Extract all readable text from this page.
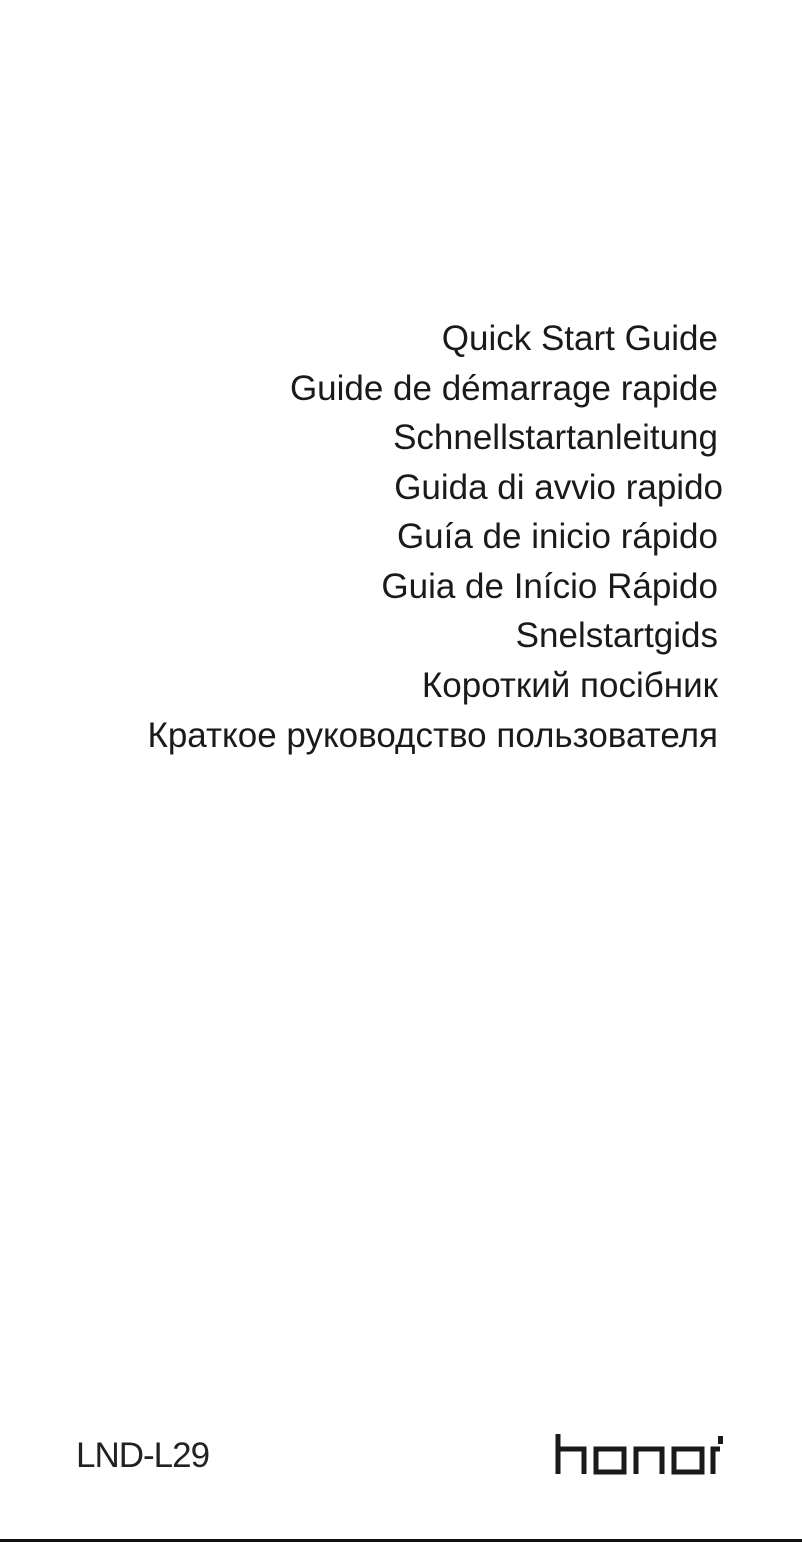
Quick Start Guide
Guide de démarrage rapide
Schnellstartanleitung
Guida di avvio rapido
Guía de inicio rápido
Guia de Início Rápido
Snelstartgids
Короткий посібник
Краткое руководство пользователя
LND-L29
